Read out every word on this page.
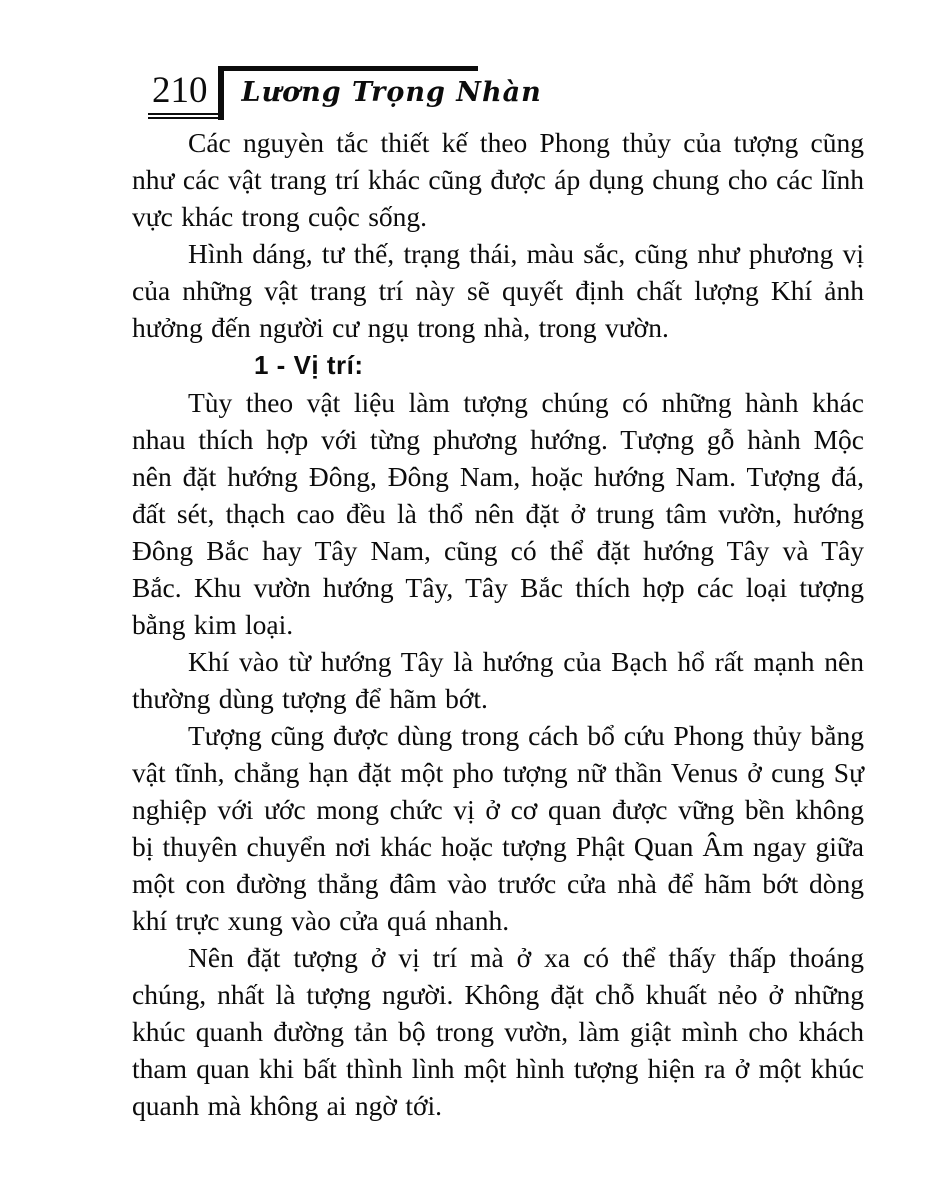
210	Lương Trọng Nhàn

Các nguyèn tắc thiết kế theo Phong thủy của tượng cũng như các vật trang trí khác cũng được áp dụng chung cho các lĩnh vực khác trong cuộc sống.

Hình dáng, tư thế, trạng thái, màu sắc, cũng như phương vị của những vật trang trí này sẽ quyết định chất lượng Khí ảnh hưởng đến người cư ngụ trong nhà, trong vườn.

1 - Vị trí:

Tùy theo vật liệu làm tượng chúng có những hành khác nhau thích hợp với từng phương hướng. Tượng gỗ hành Mộc nên đặt hướng Đông, Đông Nam, hoặc hướng Nam. Tượng đá, đất sét, thạch cao đều là thổ nên đặt ở trung tâm vườn, hướng Đông Bắc hay Tây Nam, cũng có thể đặt hướng Tây và Tây Bắc. Khu vườn hướng Tây, Tây Bắc thích hợp các loại tượng bằng kim loại.

Khí vào từ hướng Tây là hướng của Bạch hổ rất mạnh nên thường dùng tượng để hãm bớt.

Tượng cũng được dùng trong cách bổ cứu Phong thủy bằng vật tĩnh, chẳng hạn đặt một pho tượng nữ thần Venus ở cung Sự nghiệp với ước mong chức vị ở cơ quan được vững bền không bị thuyên chuyển nơi khác hoặc tượng Phật Quan Âm ngay giữa một con đường thẳng đâm vào trước cửa nhà để hãm bớt dòng khí trực xung vào cửa quá nhanh.

Nên đặt tượng ở vị trí mà ở xa có thể thấy thấp thoáng chúng, nhất là tượng người. Không đặt chỗ khuất nẻo ở những khúc quanh đường tản bộ trong vườn, làm giật mình cho khách tham quan khi bất thình lình một hình tượng hiện ra ở một khúc quanh mà không ai ngờ tới.
